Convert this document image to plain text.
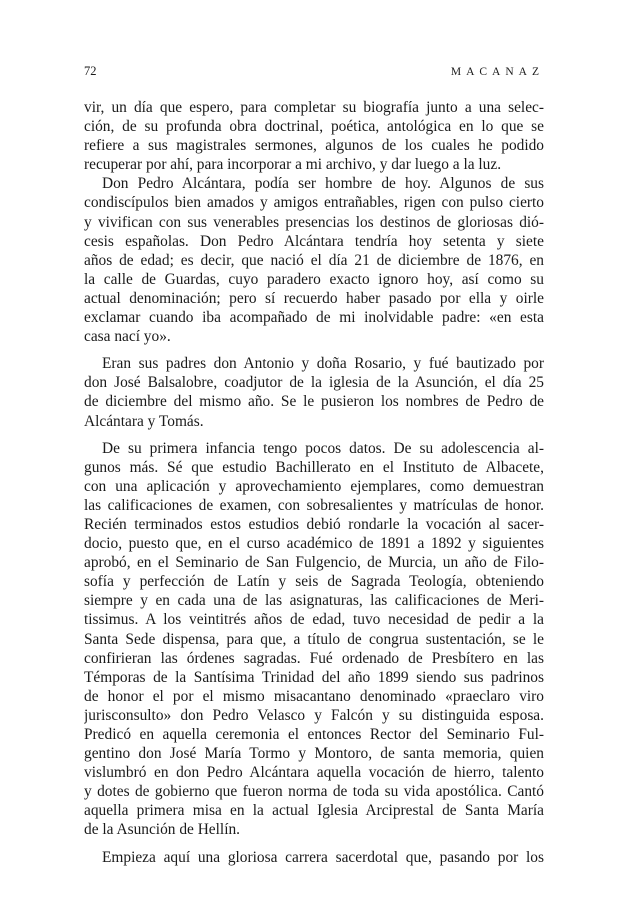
72	MACANAZ
vir, un día que espero, para completar su biografía junto a una selec-
ción, de su profunda obra doctrinal, poética, antológica en lo que se
refiere a sus magistrales sermones, algunos de los cuales he podido
recuperar por ahí, para incorporar a mi archivo, y dar luego a la luz.
Don Pedro Alcántara, podía ser hombre de hoy. Algunos de sus
condiscípulos bien amados y amigos entrañables, rigen con pulso cierto
y vivifican con sus venerables presencias los destinos de gloriosas dió-
cesis españolas. Don Pedro Alcántara tendría hoy setenta y siete
años de edad; es decir, que nació el día 21 de diciembre de 1876, en
la calle de Guardas, cuyo paradero exacto ignoro hoy, así como su
actual denominación; pero sí recuerdo haber pasado por ella y oirle
exclamar cuando iba acompañado de mi inolvidable padre: «en esta
casa nací yo».
Eran sus padres don Antonio y doña Rosario, y fué bautizado por
don José Balsalobre, coadjutor de la iglesia de la Asunción, el día 25
de diciembre del mismo año. Se le pusieron los nombres de Pedro de
Alcántara y Tomás.
De su primera infancia tengo pocos datos. De su adolescencia al-
gunos más. Sé que estudio Bachillerato en el Instituto de Albacete,
con una aplicación y aprovechamiento ejemplares, como demuestran
las calificaciones de examen, con sobresalientes y matrículas de honor.
Recién terminados estos estudios debió rondarle la vocación al sacer-
docio, puesto que, en el curso académico de 1891 a 1892 y siguientes
aprobó, en el Seminario de San Fulgencio, de Murcia, un año de Filo-
sofía y perfección de Latín y seis de Sagrada Teología, obteniendo
siempre y en cada una de las asignaturas, las calificaciones de Meri-
tissimus. A los veintitrés años de edad, tuvo necesidad de pedir a la
Santa Sede dispensa, para que, a título de congrua sustentación, se le
confirieran las órdenes sagradas. Fué ordenado de Presbítero en las
Témporas de la Santísima Trinidad del año 1899 siendo sus padrinos
de honor el por el mismo misacantano denominado «praeclaro viro
jurisconsulto» don Pedro Velasco y Falcón y su distinguida esposa.
Predicó en aquella ceremonia el entonces Rector del Seminario Ful-
gentino don José María Tormo y Montoro, de santa memoria, quien
vislumbró en don Pedro Alcántara aquella vocación de hierro, talento
y dotes de gobierno que fueron norma de toda su vida apostólica. Cantó
aquella primera misa en la actual Iglesia Arciprestal de Santa María
de la Asunción de Hellín.
Empieza aquí una gloriosa carrera sacerdotal que, pasando por los
